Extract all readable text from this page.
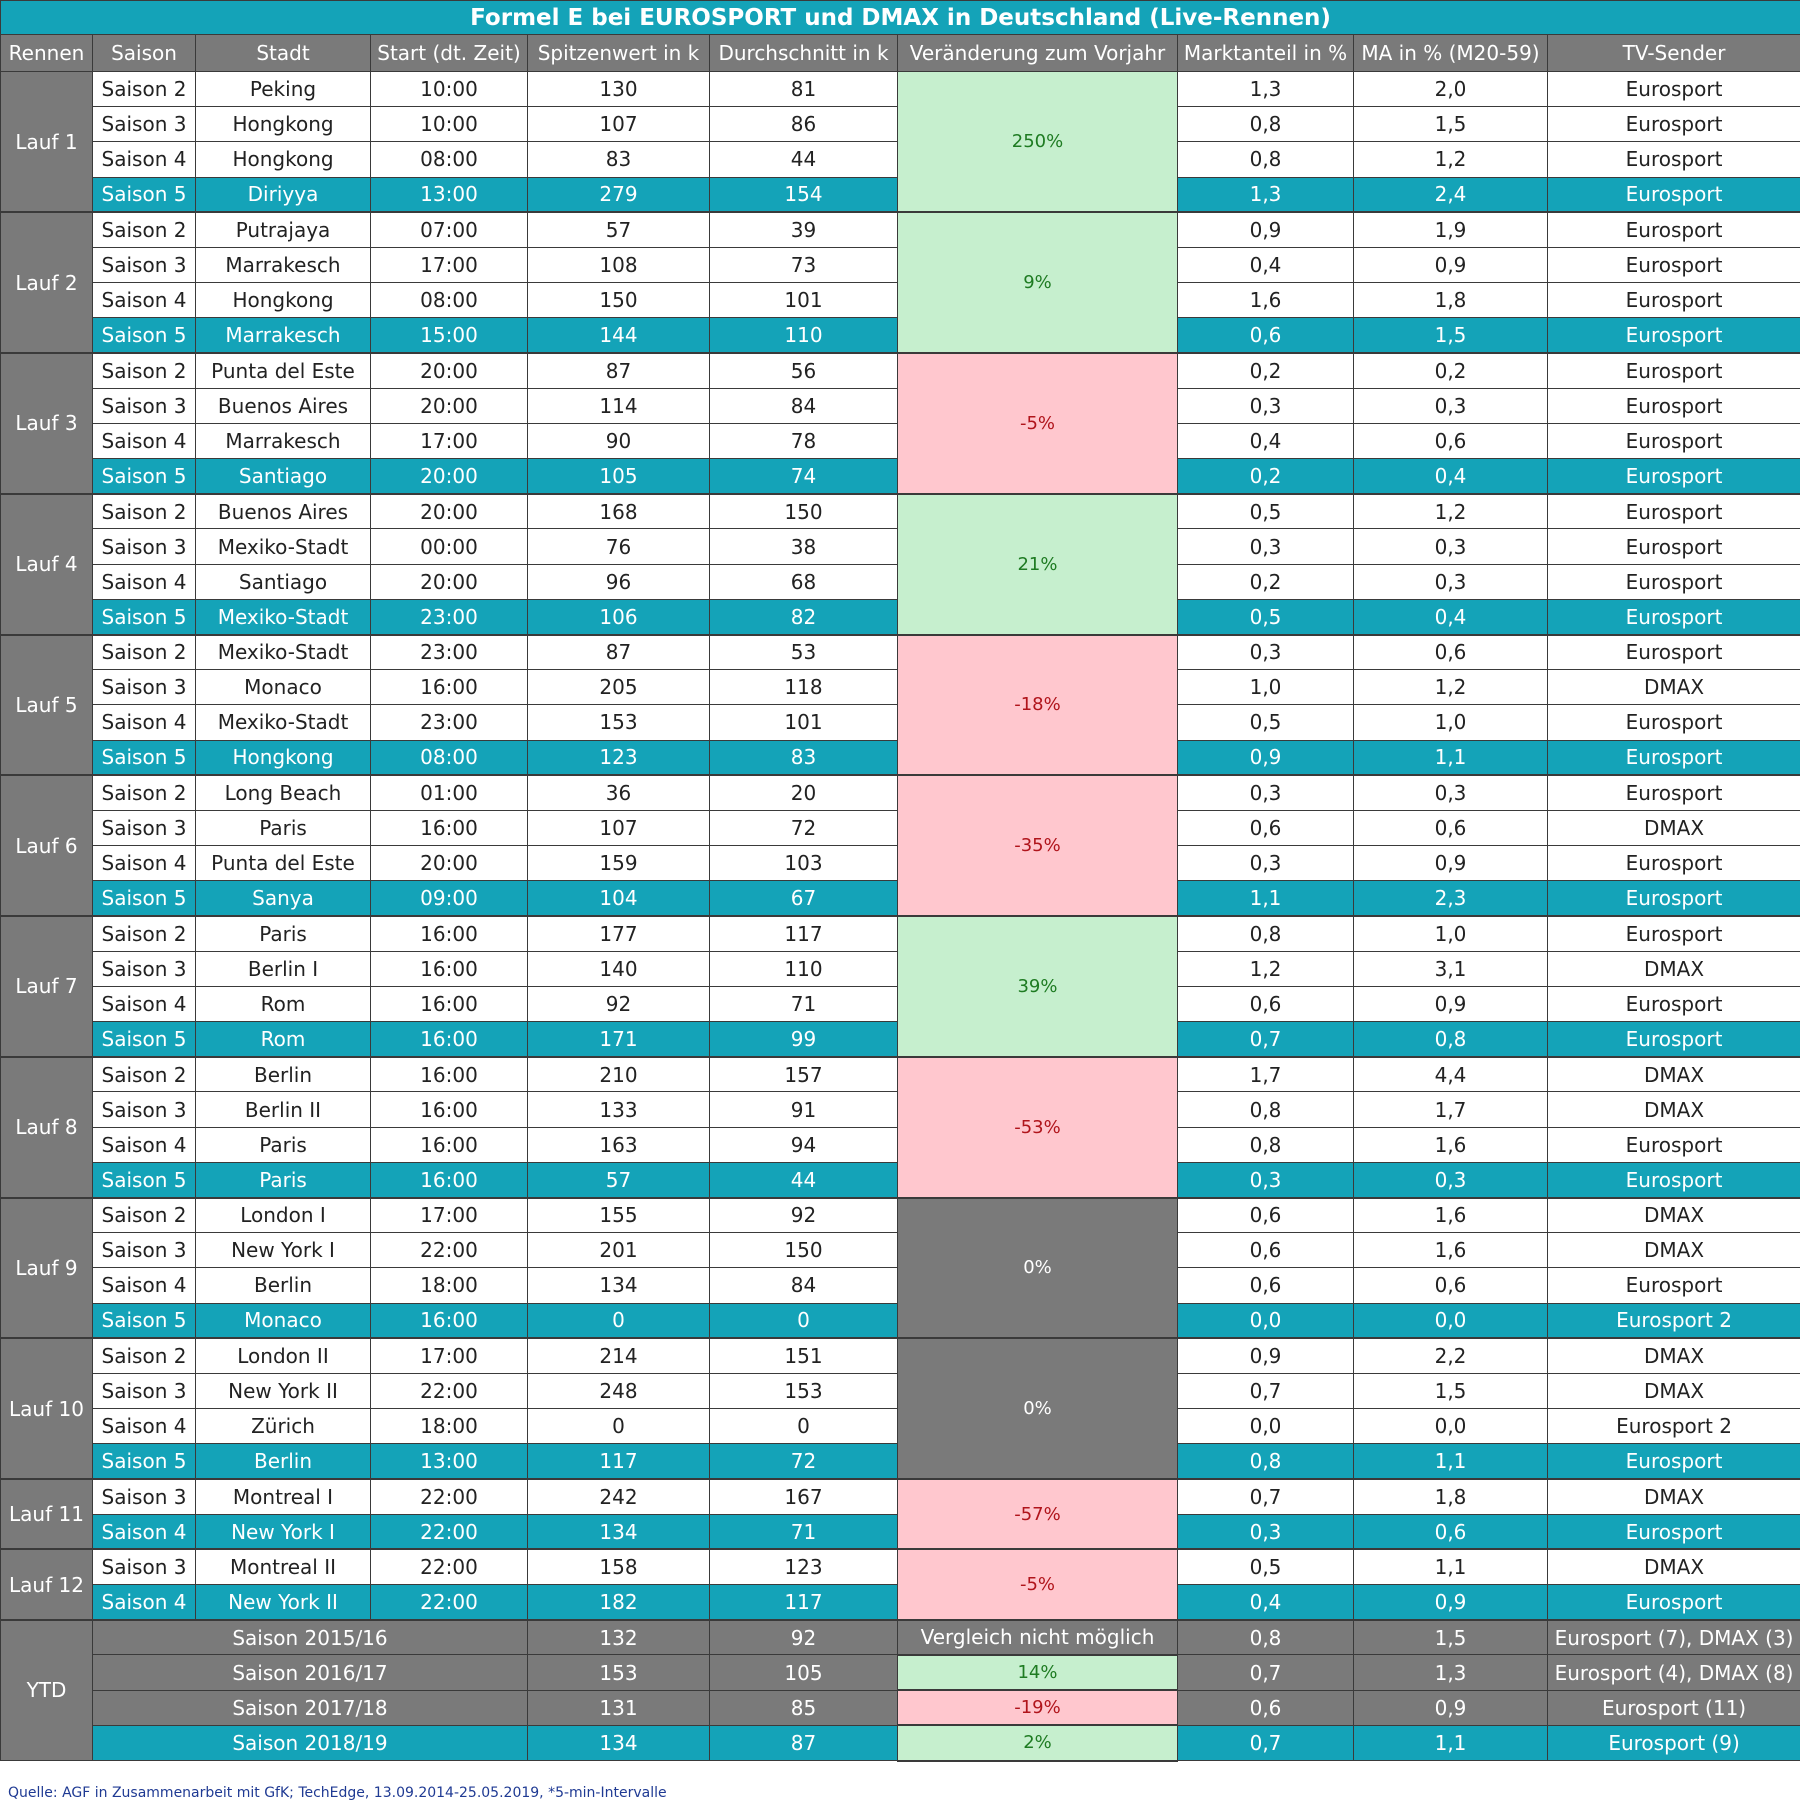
Formel E bei EUROSPORT und DMAX in Deutschland (Live-Rennen)									
Rennen	Saison	Stadt	Start (dt. Zeit)	Spitzenwert in k	Durchschnitt in k	Veränderung zum Vorjahr	Marktanteil in %	MA in % (M20-59)	TV-Sender
Lauf 1	Saison 2	Peking	10:00	130	81	250%	1,3	2,0	Eurosport
	Saison 3	Hongkong	10:00	107	86		0,8	1,5	Eurosport
	Saison 4	Hongkong	08:00	83	44		0,8	1,2	Eurosport
	Saison 5	Diriyya	13:00	279	154		1,3	2,4	Eurosport
Lauf 2	Saison 2	Putrajaya	07:00	57	39	9%	0,9	1,9	Eurosport
	Saison 3	Marrakesch	17:00	108	73		0,4	0,9	Eurosport
	Saison 4	Hongkong	08:00	150	101		1,6	1,8	Eurosport
	Saison 5	Marrakesch	15:00	144	110		0,6	1,5	Eurosport
Lauf 3	Saison 2	Punta del Este	20:00	87	56	-5%	0,2	0,2	Eurosport
	Saison 3	Buenos Aires	20:00	114	84		0,3	0,3	Eurosport
	Saison 4	Marrakesch	17:00	90	78		0,4	0,6	Eurosport
	Saison 5	Santiago	20:00	105	74		0,2	0,4	Eurosport
Lauf 4	Saison 2	Buenos Aires	20:00	168	150	21%	0,5	1,2	Eurosport
	Saison 3	Mexiko-Stadt	00:00	76	38		0,3	0,3	Eurosport
	Saison 4	Santiago	20:00	96	68		0,2	0,3	Eurosport
	Saison 5	Mexiko-Stadt	23:00	106	82		0,5	0,4	Eurosport
Lauf 5	Saison 2	Mexiko-Stadt	23:00	87	53	-18%	0,3	0,6	Eurosport
	Saison 3	Monaco	16:00	205	118		1,0	1,2	DMAX
	Saison 4	Mexiko-Stadt	23:00	153	101		0,5	1,0	Eurosport
	Saison 5	Hongkong	08:00	123	83		0,9	1,1	Eurosport
Lauf 6	Saison 2	Long Beach	01:00	36	20	-35%	0,3	0,3	Eurosport
	Saison 3	Paris	16:00	107	72		0,6	0,6	DMAX
	Saison 4	Punta del Este	20:00	159	103		0,3	0,9	Eurosport
	Saison 5	Sanya	09:00	104	67		1,1	2,3	Eurosport
Lauf 7	Saison 2	Paris	16:00	177	117	39%	0,8	1,0	Eurosport
	Saison 3	Berlin I	16:00	140	110		1,2	3,1	DMAX
	Saison 4	Rom	16:00	92	71		0,6	0,9	Eurosport
	Saison 5	Rom	16:00	171	99		0,7	0,8	Eurosport
Lauf 8	Saison 2	Berlin	16:00	210	157	-53%	1,7	4,4	DMAX
	Saison 3	Berlin II	16:00	133	91		0,8	1,7	DMAX
	Saison 4	Paris	16:00	163	94		0,8	1,6	Eurosport
	Saison 5	Paris	16:00	57	44		0,3	0,3	Eurosport
Lauf 9	Saison 2	London I	17:00	155	92	0%	0,6	1,6	DMAX
	Saison 3	New York I	22:00	201	150		0,6	1,6	DMAX
	Saison 4	Berlin	18:00	134	84		0,6	0,6	Eurosport
	Saison 5	Monaco	16:00	0	0		0,0	0,0	Eurosport 2
Lauf 10	Saison 2	London II	17:00	214	151	0%	0,9	2,2	DMAX
	Saison 3	New York II	22:00	248	153		0,7	1,5	DMAX
	Saison 4	Zürich	18:00	0	0		0,0	0,0	Eurosport 2
	Saison 5	Berlin	13:00	117	72		0,8	1,1	Eurosport
Lauf 11	Saison 3	Montreal I	22:00	242	167	-57%	0,7	1,8	DMAX
	Saison 4	New York I	22:00	134	71		0,3	0,6	Eurosport
Lauf 12	Saison 3	Montreal II	22:00	158	123	-5%	0,5	1,1	DMAX
	Saison 4	New York II	22:00	182	117		0,4	0,9	Eurosport
YTD	Saison 2015/16			132	92	Vergleich nicht möglich	0,8	1,5	Eurosport (7), DMAX (3)
	Saison 2016/17			153	105	14%	0,7	1,3	Eurosport (4), DMAX (8)
	Saison 2017/18			131	85	-19%	0,6	0,9	Eurosport (11)
	Saison 2018/19			134	87	2%	0,7	1,1	Eurosport (9)
Quelle: AGF in Zusammenarbeit mit GfK; TechEdge, 13.09.2014-25.05.2019, *5-min-Intervalle
